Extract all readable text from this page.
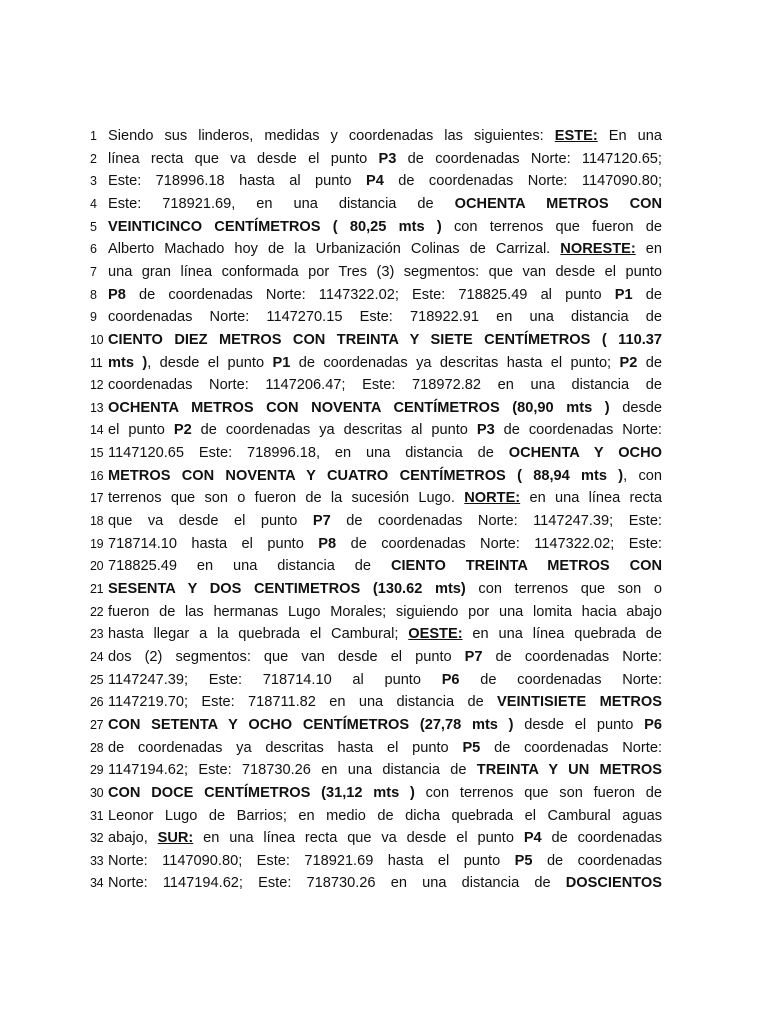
1 Siendo sus linderos, medidas y coordenadas las siguientes: ESTE: En una
2 línea recta que va desde el punto P3 de coordenadas Norte: 1147120.65;
3 Este: 718996.18 hasta al punto P4 de coordenadas Norte: 1147090.80;
4 Este: 718921.69, en una distancia de OCHENTA METROS CON
5 VEINTICINCO CENTÍMETROS ( 80,25 mts ) con terrenos que fueron de
6 Alberto Machado hoy de la Urbanización Colinas de Carrizal. NORESTE: en
7 una gran línea conformada por Tres (3) segmentos: que van desde el punto
8 P8 de coordenadas Norte: 1147322.02; Este: 718825.49 al punto P1 de
9 coordenadas Norte: 1147270.15 Este: 718922.91 en una distancia de
10 CIENTO DIEZ METROS CON TREINTA Y SIETE CENTÍMETROS ( 110.37
11 mts ), desde el punto P1 de coordenadas ya descritas hasta el punto; P2 de
12 coordenadas Norte: 1147206.47; Este: 718972.82 en una distancia de
13 OCHENTA METROS CON NOVENTA CENTÍMETROS (80,90 mts ) desde
14 el punto P2 de coordenadas ya descritas al punto P3 de coordenadas Norte:
15 1147120.65 Este: 718996.18, en una distancia de OCHENTA Y OCHO
16 METROS CON NOVENTA Y CUATRO CENTÍMETROS ( 88,94 mts ), con
17 terrenos que son o fueron de la sucesión Lugo. NORTE: en una línea recta
18 que va desde el punto P7 de coordenadas Norte: 1147247.39; Este:
19 718714.10 hasta el punto P8 de coordenadas Norte: 1147322.02; Este:
20 718825.49 en una distancia de CIENTO TREINTA METROS CON
21 SESENTA Y DOS CENTIMETROS (130.62 mts) con terrenos que son o
22 fueron de las hermanas Lugo Morales; siguiendo por una lomita hacia abajo
23 hasta llegar a la quebrada el Cambural; OESTE: en una línea quebrada de
24 dos (2) segmentos: que van desde el punto P7 de coordenadas Norte:
25 1147247.39; Este: 718714.10 al punto P6 de coordenadas Norte:
26 1147219.70; Este: 718711.82 en una distancia de VEINTISIETE METROS
27 CON SETENTA Y OCHO CENTÍMETROS (27,78 mts ) desde el punto P6
28 de coordenadas ya descritas hasta el punto P5 de coordenadas Norte:
29 1147194.62; Este: 718730.26 en una distancia de TREINTA Y UN METROS
30 CON DOCE CENTÍMETROS (31,12 mts ) con terrenos que son fueron de
31 Leonor Lugo de Barrios; en medio de dicha quebrada el Cambural aguas
32 abajo, SUR: en una línea recta que va desde el punto P4 de coordenadas
33 Norte: 1147090.80; Este: 718921.69 hasta el punto P5 de coordenadas
34 Norte: 1147194.62; Este: 718730.26 en una distancia de DOSCIENTOS
